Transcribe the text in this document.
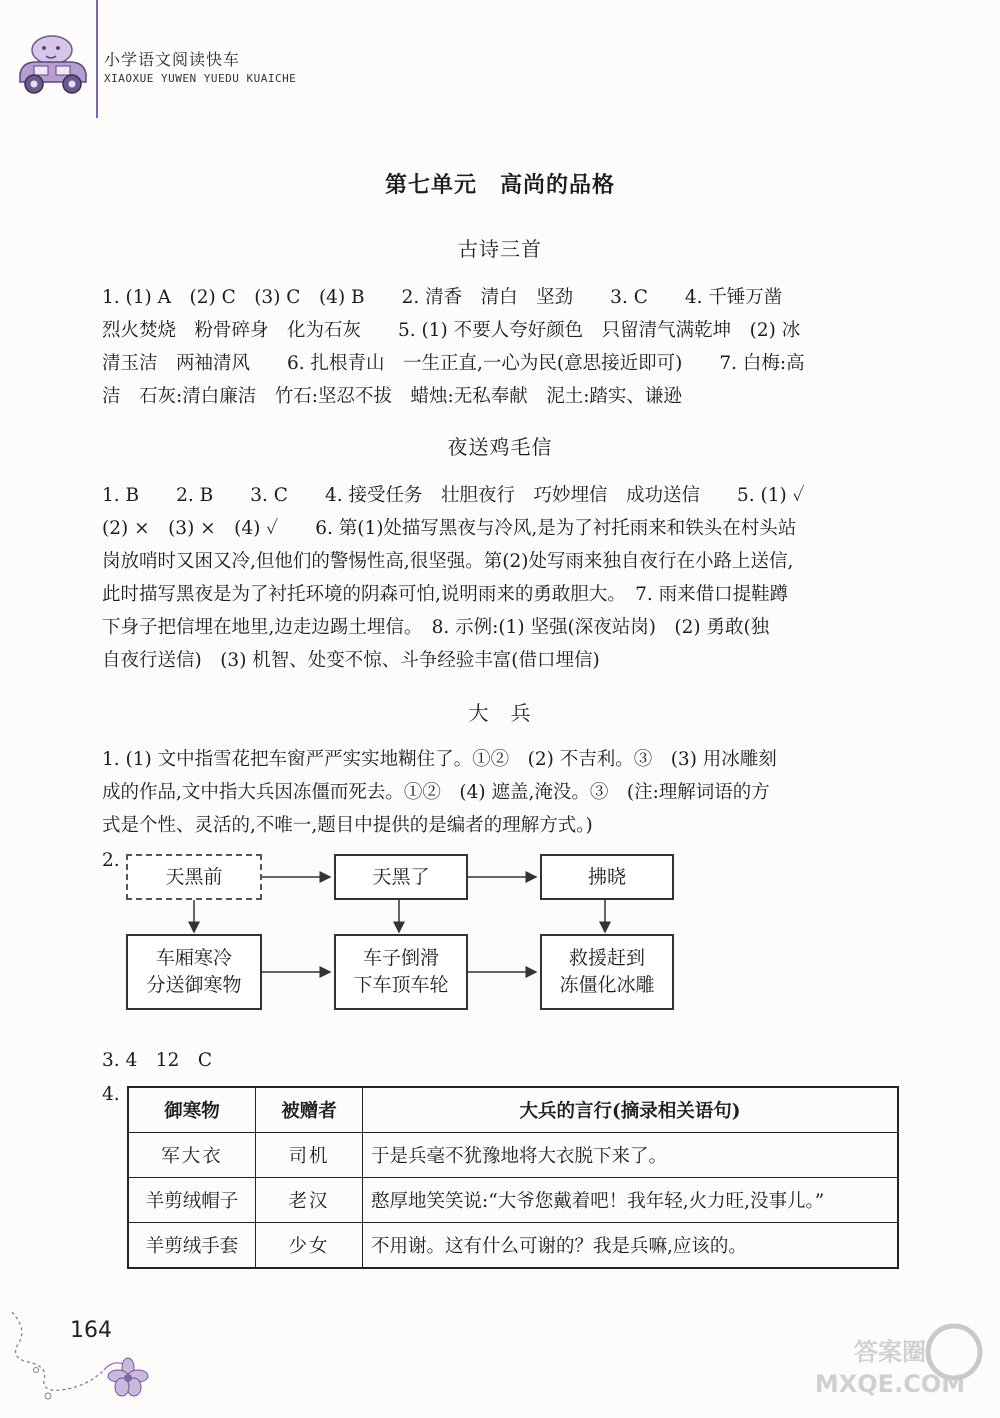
小学语文阅读快车
XIAOXUE YUWEN YUEDU KUAICHE
第七单元　高尚的品格
古诗三首
1. (1) A　(2) C　(3) C　(4) B　　2. 清香　清白　坚劲　　3. C　　4. 千锤万凿
烈火焚烧　粉骨碎身　化为石灰　　5. (1) 不要人夸好颜色　只留清气满乾坤　(2) 冰
清玉洁　两袖清风　　6. 扎根青山　一生正直,一心为民(意思接近即可)　　7. 白梅:高
洁　石灰:清白廉洁　竹石:坚忍不拔　蜡烛:无私奉献　泥土:踏实、谦逊
夜送鸡毛信
1. B　　2. B　　3. C　　4. 接受任务　壮胆夜行　巧妙埋信　成功送信　　5. (1) ✓
(2) ×　(3) ×　(4) ✓　　6. 第(1)处描写黑夜与冷风,是为了衬托雨来和铁头在村头站
岗放哨时又困又冷,但他们的警惕性高,很坚强。第(2)处写雨来独自夜行在小路上送信,
此时描写黑夜是为了衬托环境的阴森可怕,说明雨来的勇敢胆大。　7. 雨来借口提鞋蹲
下身子把信埋在地里,边走边踢土埋信。　8. 示例:(1) 坚强(深夜站岗)　(2) 勇敢(独
自夜行送信)　(3) 机智、处变不惊、斗争经验丰富(借口埋信)
大　兵
1. (1) 文中指雪花把车窗严严实实地糊住了。①②　(2) 不吉利。③　(3) 用冰雕刻
成的作品,文中指大兵因冻僵而死去。①②　(4) 遮盖,淹没。③　(注:理解词语的方
式是个性、灵活的,不唯一,题目中提供的是编者的理解方式。)
2.
天黑前	天黑了	拂晓
车厢寒冷
分送御寒物
车子倒滑
下车顶车轮
救援赶到
冻僵化冰雕
3. 4　12　C
4.
御寒物	被赠者	大兵的言行(摘录相关语句)
军大衣	司机	于是兵毫不犹豫地将大衣脱下来了。
羊剪绒帽子	老汉	憨厚地笑笑说:“大爷您戴着吧！我年轻,火力旺,没事儿。”
羊剪绒手套	少女	不用谢。这有什么可谢的？我是兵嘛,应该的。
164
答案圈 MXQE.COM
